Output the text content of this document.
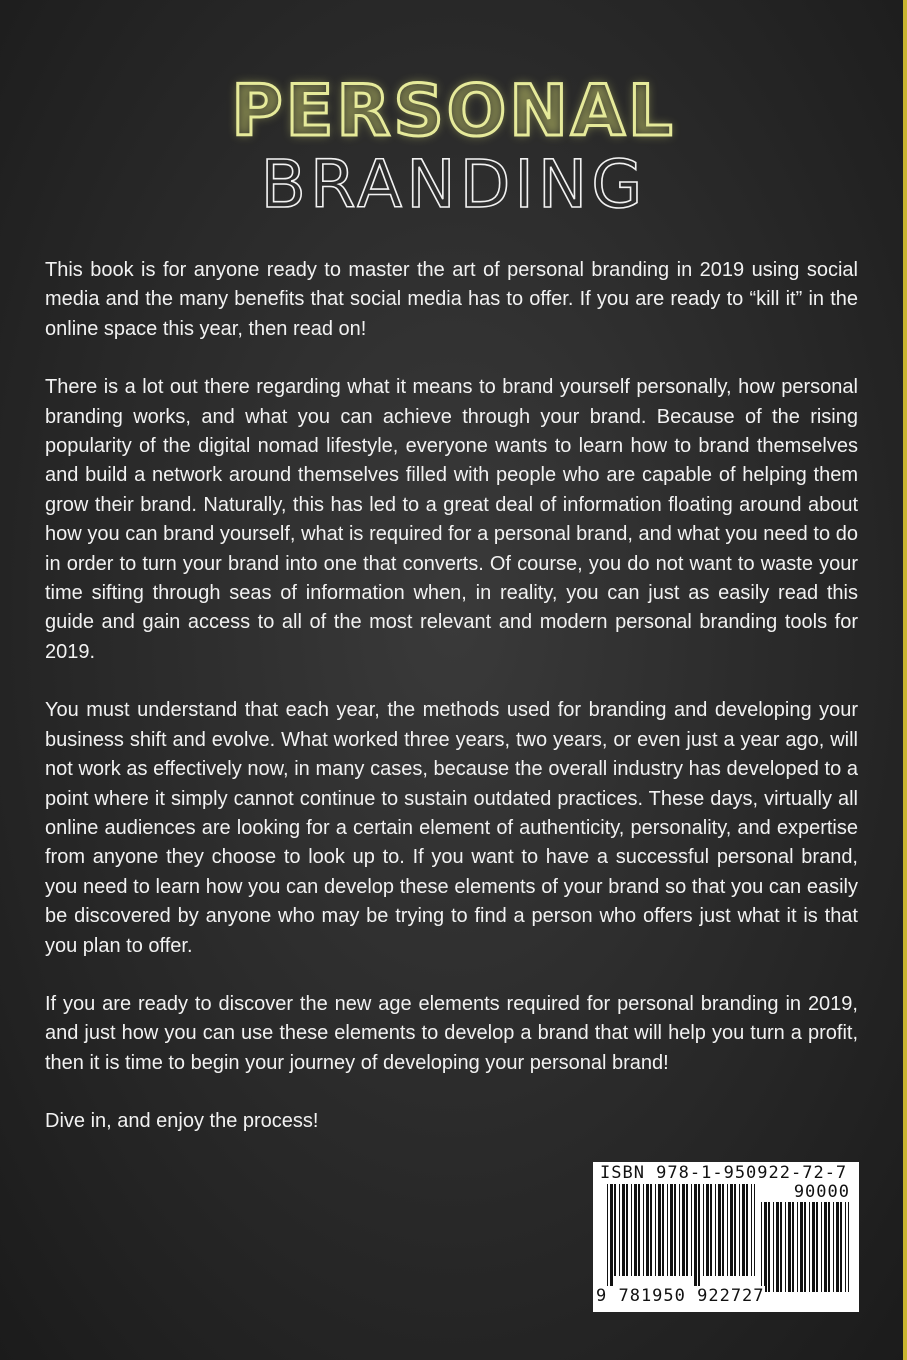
PERSONAL
BRANDING

This book is for anyone ready to master the art of personal branding in 2019 using social media and the many benefits that social media has to offer. If you are ready to “kill it” in the online space this year, then read on!

There is a lot out there regarding what it means to brand yourself personally, how personal branding works, and what you can achieve through your brand. Because of the rising popularity of the digital nomad lifestyle, everyone wants to learn how to brand themselves and build a network around themselves filled with people who are capable of helping them grow their brand. Naturally, this has led to a great deal of information floating around about how you can brand yourself, what is required for a personal brand, and what you need to do in order to turn your brand into one that converts. Of course, you do not want to waste your time sifting through seas of information when, in reality, you can just as easily read this guide and gain access to all of the most relevant and modern personal branding tools for 2019.

You must understand that each year, the methods used for branding and developing your business shift and evolve. What worked three years, two years, or even just a year ago, will not work as effectively now, in many cases, because the overall industry has developed to a point where it simply cannot continue to sustain outdated practices. These days, virtually all online audiences are looking for a certain element of authenticity, personality, and expertise from anyone they choose to look up to. If you want to have a successful personal brand, you need to learn how you can develop these elements of your brand so that you can easily be discovered by anyone who may be trying to find a person who offers just what it is that you plan to offer.

If you are ready to discover the new age elements required for personal branding in 2019, and just how you can use these elements to develop a brand that will help you turn a profit, then it is time to begin your journey of developing your personal brand!

Dive in, and enjoy the process!

ISBN 978-1-950922-72-7
90000
9 781950 922727
